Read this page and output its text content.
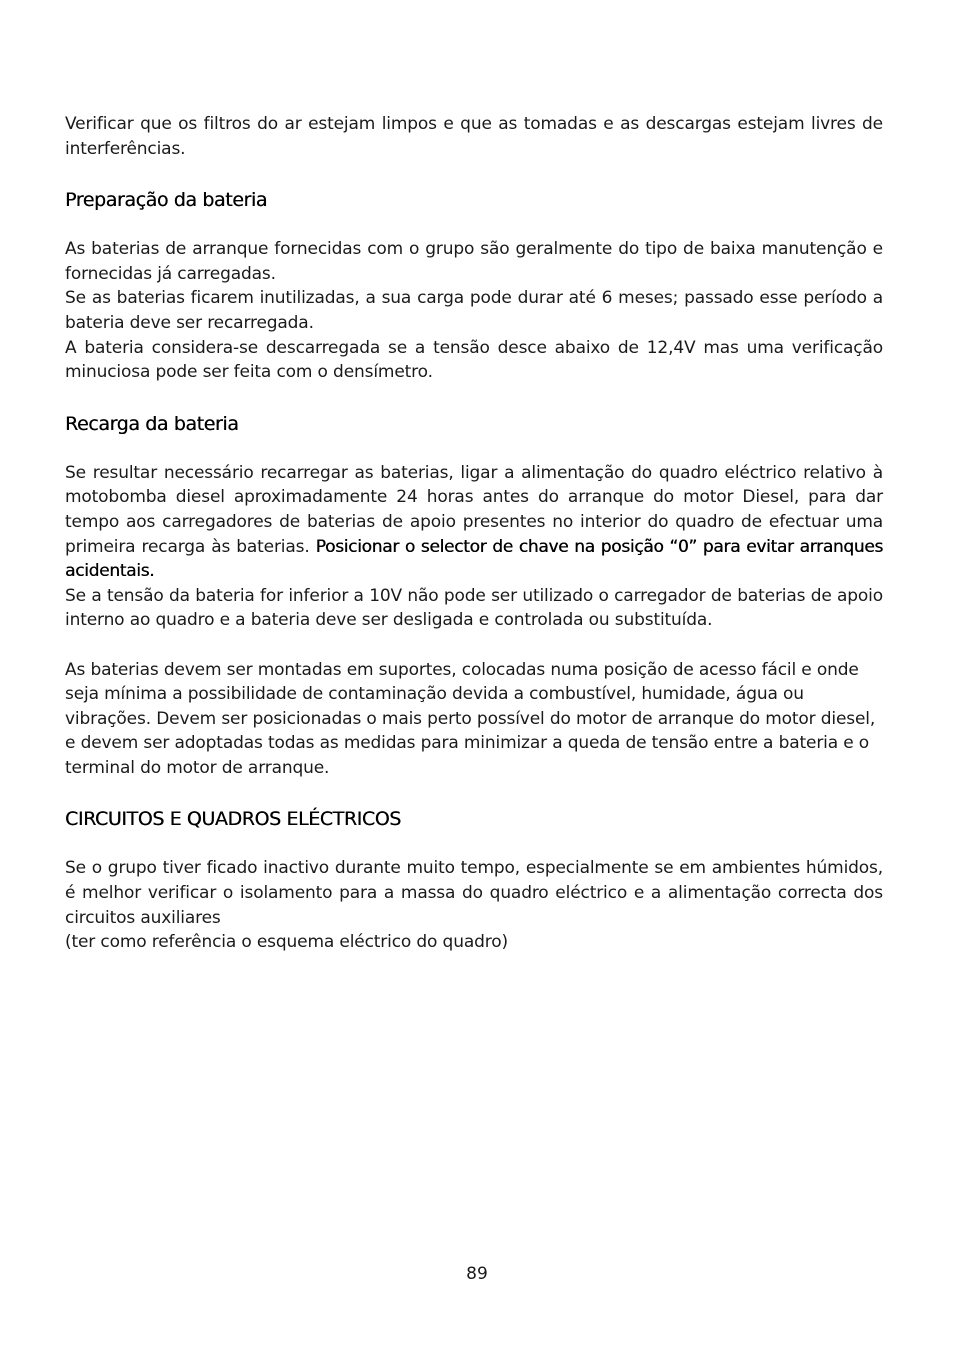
Verificar que os filtros do ar estejam limpos e que as tomadas e as descargas estejam livres de interferências.

Preparação da bateria

As baterias de arranque fornecidas com o grupo são geralmente do tipo de baixa manutenção e fornecidas já carregadas.

Se as baterias ficarem inutilizadas, a sua carga pode durar até 6 meses; passado esse período a bateria deve ser recarregada.

A bateria considera-se descarregada se a tensão desce abaixo de 12,4V mas uma verificação minuciosa pode ser feita com o densímetro.

Recarga da bateria

Se resultar necessário recarregar as baterias, ligar a alimentação do quadro eléctrico relativo à motobomba diesel aproximadamente 24 horas antes do arranque do motor Diesel, para dar tempo aos carregadores de baterias de apoio presentes no interior do quadro de efectuar uma primeira recarga às baterias. Posicionar o selector de chave na posição “0” para evitar arranques acidentais.

Se a tensão da bateria for inferior a 10V não pode ser utilizado o carregador de baterias de apoio interno ao quadro e a bateria deve ser desligada e controlada ou substituída.

As baterias devem ser montadas em suportes, colocadas numa posição de acesso fácil e onde seja mínima a possibilidade de contaminação devida a combustível, humidade, água ou vibrações. Devem ser posicionadas o mais perto possível do motor de arranque do motor diesel, e devem ser adoptadas todas as medidas para minimizar a queda de tensão entre a bateria e o terminal do motor de arranque.

CIRCUITOS E QUADROS ELÉCTRICOS

Se o grupo tiver ficado inactivo durante muito tempo, especialmente se em ambientes húmidos, é melhor verificar o isolamento para a massa do quadro eléctrico e a alimentação correcta dos circuitos auxiliares

(ter como referência o esquema eléctrico do quadro)

89
